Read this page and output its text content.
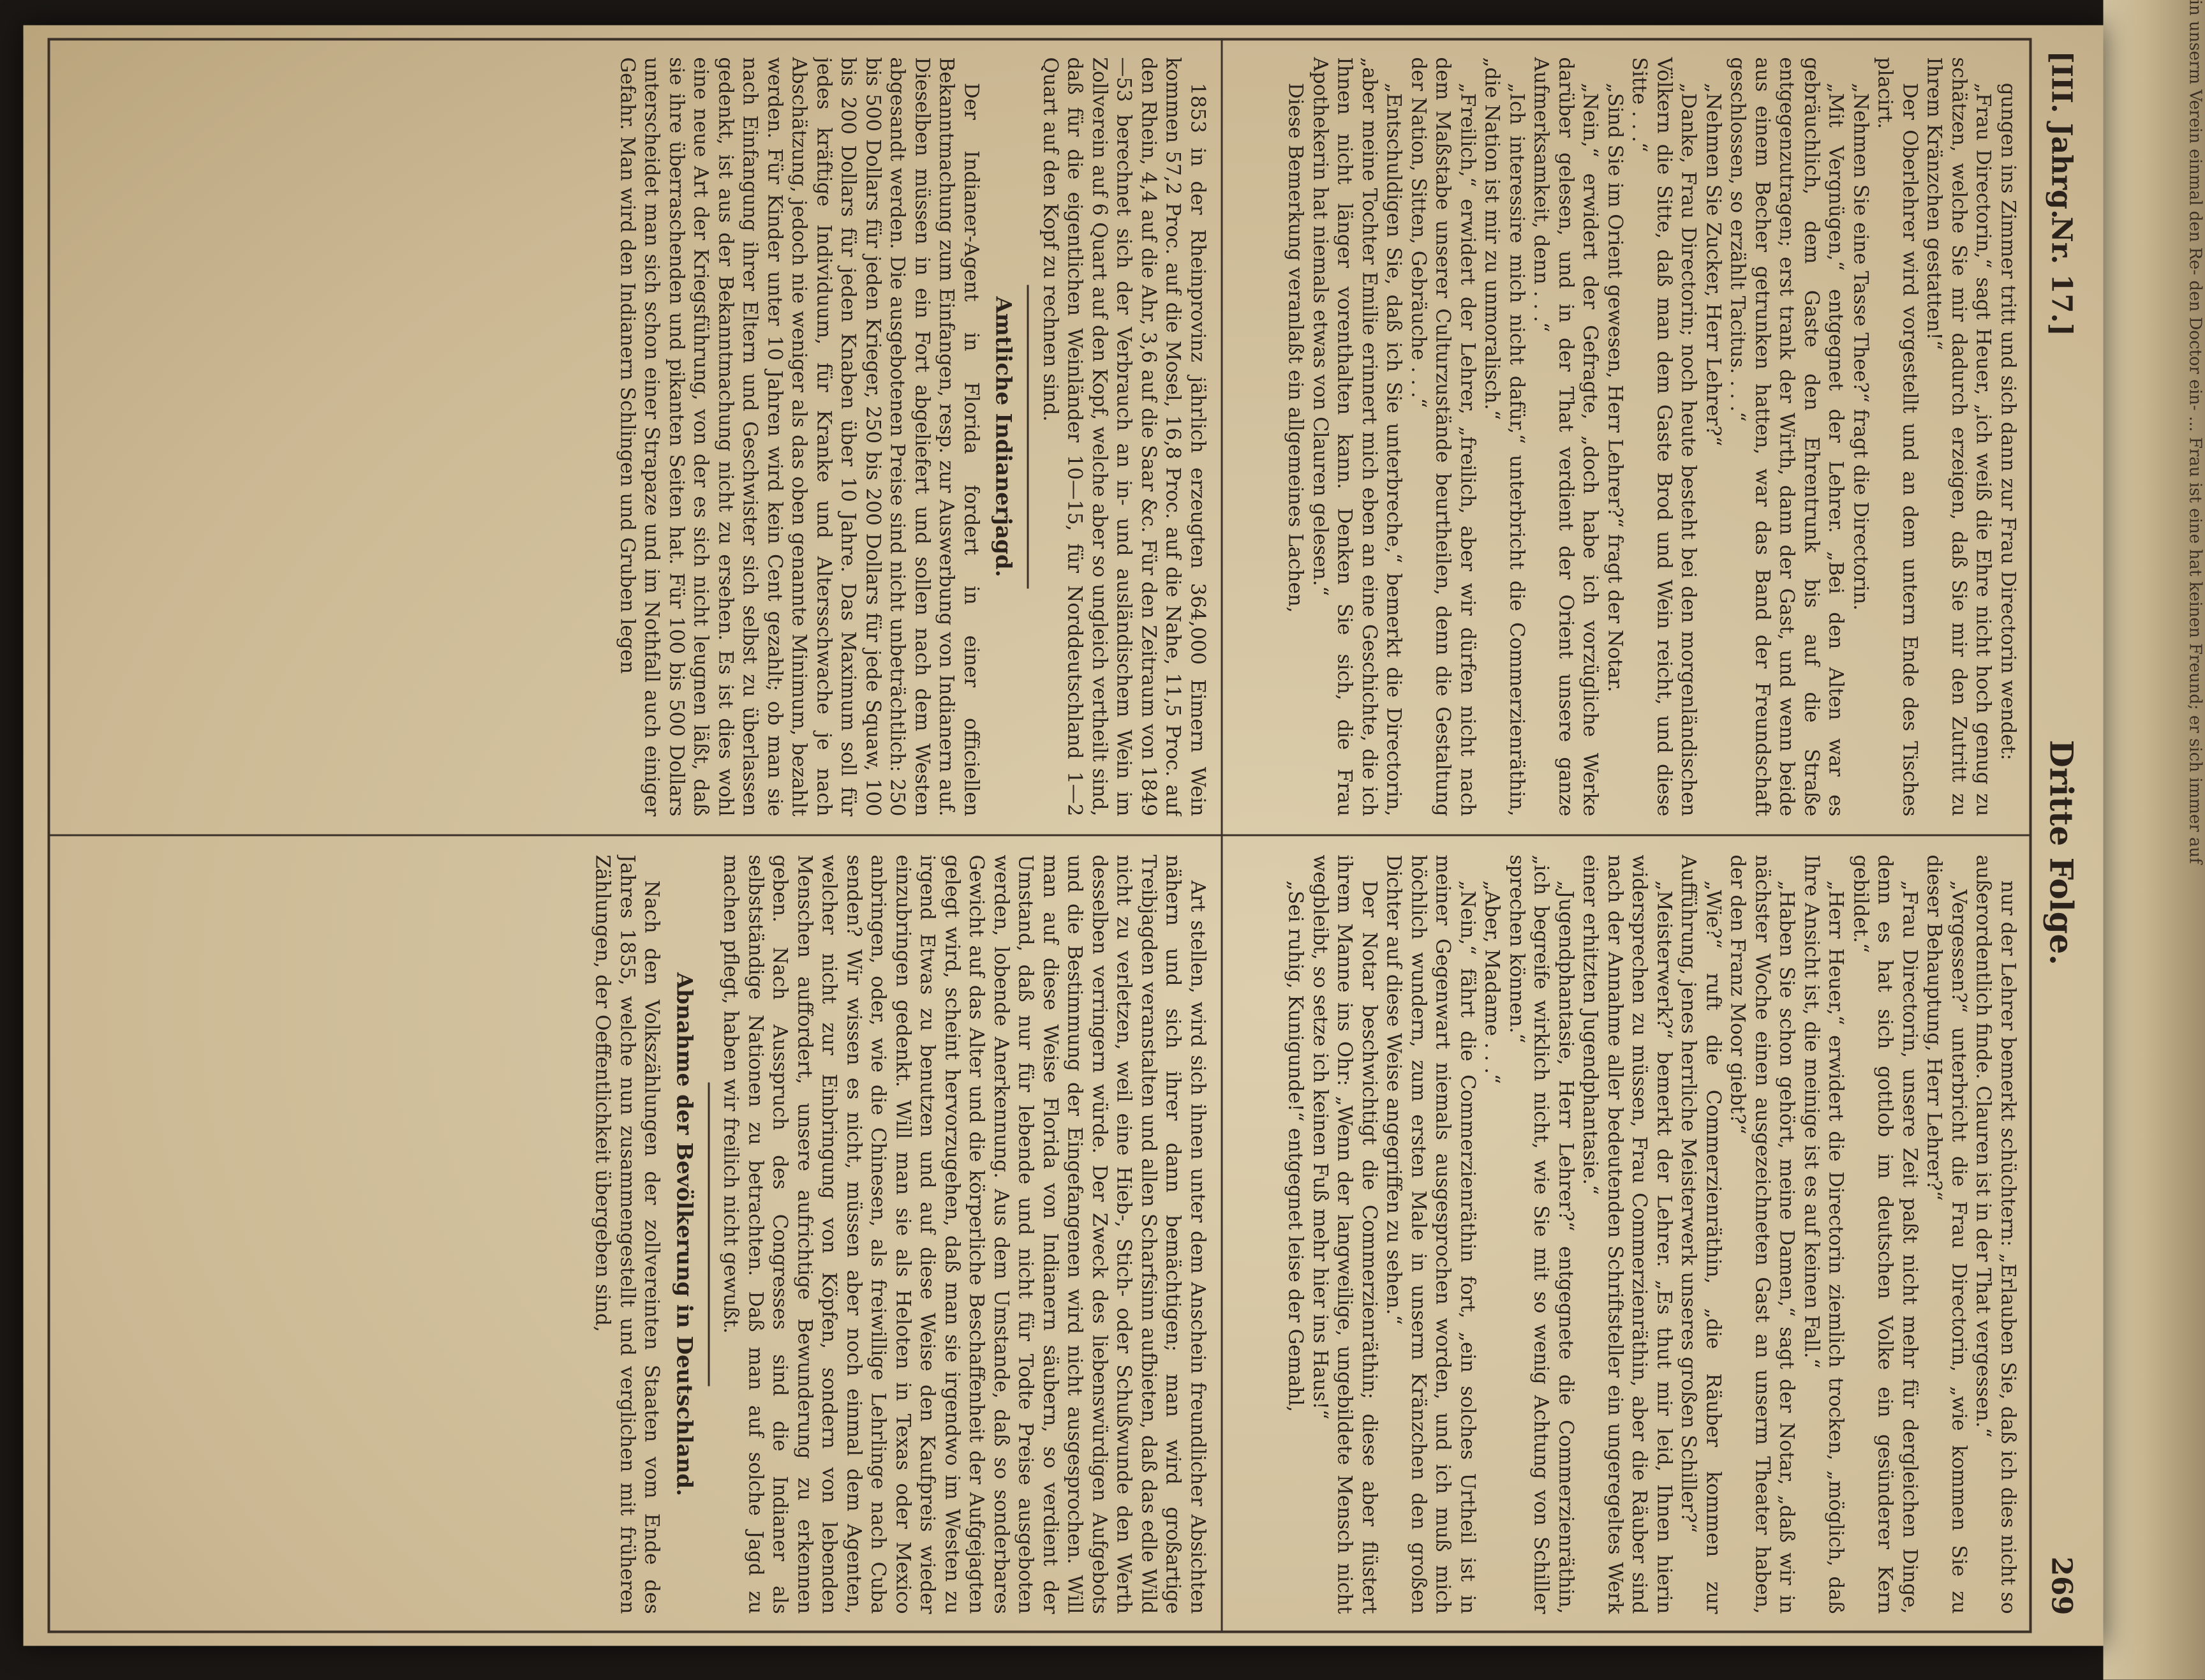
in unserm Verein einmal den Re- den Doctor ein- ... Frau ist eine hat keinen Freund; er sich immer auf
[III. Jahrg.
Nr. 17.]
Dritte Folge.
269

gungen ins Zimmer tritt und sich dann zur Frau Directorin wendet:

„Frau Directorin,“ sagt Heuer, „ich weiß die Ehre nicht hoch genug zu schätzen, welche Sie mir dadurch erzeigen, daß Sie mir den Zutritt zu Ihrem Kränzchen gestatten!“

Der Oberlehrer wird vorgestellt und an dem untern Ende des Tisches placirt.

„Nehmen Sie eine Tasse Thee?“ fragt die Directorin.

„Mit Vergnügen,“ entgegnet der Lehrer. „Bei den Alten war es gebräuchlich, dem Gaste den Ehrentrunk bis auf die Straße entgegenzutragen; erst trank der Wirth, dann der Gast, und wenn beide aus einem Becher getrunken hatten, war das Band der Freundschaft geschlossen, so erzählt Tacitus. . . .“

„Nehmen Sie Zucker, Herr Lehrer?“

„Danke, Frau Directorin; noch heute besteht bei den morgenländischen Völkern die Sitte, daß man dem Gaste Brod und Wein reicht, und diese Sitte . . .“

„Sind Sie im Orient gewesen, Herr Lehrer?“ fragt der Notar.

„Nein,“ erwidert der Gefragte, „doch habe ich vorzügliche Werke darüber gelesen, und in der That verdient der Orient unsere ganze Aufmerksamkeit, denn . . .“

„Ich interessire mich nicht dafür,“ unterbricht die Commerzienräthin, „die Nation ist mir zu unmoralisch.“

„Freilich,“ erwidert der Lehrer, „freilich, aber wir dürfen nicht nach dem Maßstabe unserer Culturzustände beurtheilen, denn die Gestaltung der Nation, Sitten, Gebräuche . . .“

„Entschuldigen Sie, daß ich Sie unterbreche,“ bemerkt die Directorin, „aber meine Tochter Emilie erinnert mich eben an eine Geschichte, die ich Ihnen nicht länger vorenthalten kann. Denken Sie sich, die Frau Apothekerin hat niemals etwas von Clauren gelesen.“

Diese Bemerkung veranlaßt ein allgemeines Lachen,

nur der Lehrer bemerkt schüchtern: „Erlauben Sie, daß ich dies nicht so außerordentlich finde. Clauren ist in der That vergessen.“

„Vergessen?“ unterbricht die Frau Directorin, „wie kommen Sie zu dieser Behauptung, Herr Lehrer?“

„Frau Directorin, unsere Zeit paßt nicht mehr für dergleichen Dinge, denn es hat sich gottlob im deutschen Volke ein gesünderer Kern gebildet.“

„Herr Heuer,“ erwidert die Directorin ziemlich trocken, „möglich, daß Ihre Ansicht ist, die meinige ist es auf keinen Fall.“

„Haben Sie schon gehört, meine Damen,“ sagt der Notar, „daß wir in nächster Woche einen ausgezeichneten Gast an unserm Theater haben, der den Franz Moor giebt?“

„Wie?“ ruft die Commerzienräthin, „die Räuber kommen zur Aufführung, jenes herrliche Meisterwerk unseres großen Schiller?“

„Meisterwerk?“ bemerkt der Lehrer. „Es thut mir leid, Ihnen hierin widersprechen zu müssen, Frau Commerzienräthin, aber die Räuber sind nach der Annahme aller bedeutenden Schriftsteller ein ungeregeltes Werk einer erhitzten Jugendphantasie.“

„Jugendphantasie, Herr Lehrer?“ entgegnete die Commerzienräthin, „ich begreife wirklich nicht, wie Sie mit so wenig Achtung von Schiller sprechen können.“

„Aber, Madame . . .“

„Nein,“ fährt die Commerzienräthin fort, „ein solches Urtheil ist in meiner Gegenwart niemals ausgesprochen worden, und ich muß mich höchlich wundern, zum ersten Male in unserm Kränzchen den großen Dichter auf diese Weise angegriffen zu sehen.“

Der Notar beschwichtigt die Commerzienräthin; diese aber flüstert ihrem Manne ins Ohr: „Wenn der langweilige, ungebildete Mensch nicht wegbleibt, so setze ich keinen Fuß mehr hier ins Haus!“

„Sei ruhig, Kunigunde!“ entgegnet leise der Gemahl,

1853 in der Rheinprovinz jährlich erzeugten 364,000 Eimern Wein kommen 57,2 Proc. auf die Mosel, 16,8 Proc. auf die Nahe, 11,5 Proc. auf den Rhein, 4,4 auf die Ahr, 3,6 auf die Saar &c. Für den Zeitraum von 1849—53 berechnet sich der Verbrauch an in- und ausländischem Wein im Zollverein auf 6 Quart auf den Kopf, welche aber so ungleich vertheilt sind, daß für die eigentlichen Weinländer 10—15, für Norddeutschland 1—2 Quart auf den Kopf zu rechnen sind.

Amtliche Indianerjagd.

Der Indianer-Agent in Florida fordert in einer officiellen Bekanntmachung zum Einfangen, resp. zur Auswerbung von Indianern auf. Dieselben müssen in ein Fort abgeliefert und sollen nach dem Westen abgesandt werden. Die ausgebotenen Preise sind nicht unbeträchtlich: 250 bis 500 Dollars für jeden Krieger, 250 bis 200 Dollars für jede Squaw, 100 bis 200 Dollars für jeden Knaben über 10 Jahre. Das Maximum soll für jedes kräftige Individuum, für Kranke und Altersschwache je nach Abschätzung, jedoch nie weniger als das oben genannte Minimum, bezahlt werden. Für Kinder unter 10 Jahren wird kein Cent gezahlt; ob man sie nach Einfangung ihrer Eltern und Geschwister sich selbst zu überlassen gedenkt, ist aus der Bekanntmachung nicht zu ersehen. Es ist dies wohl eine neue Art der Kriegsführung, von der es sich nicht leugnen läßt, daß sie ihre überraschenden und pikanten Seiten hat. Für 100 bis 500 Dollars unterscheidet man sich schon einer Strapaze und im Nothfall auch einiger Gefahr. Man wird den Indianern Schlingen und Gruben legen

Art stellen, wird sich ihnen unter dem Anschein freundlicher Absichten nähern und sich ihrer dann bemächtigen; man wird großartige Treibjagden veranstalten und allen Scharfsinn aufbieten, daß das edle Wild nicht zu verletzen, weil eine Hieb-, Stich- oder Schußwunde den Werth desselben verringern würde. Der Zweck des liebenswürdigen Aufgebots und die Bestimmung der Eingefangenen wird nicht ausgesprochen. Will man auf diese Weise Florida von Indianern säubern, so verdient der Umstand, daß nur für lebende und nicht für Todte Preise ausgeboten werden, lobende Anerkennung. Aus dem Umstande, daß so sonderbares Gewicht auf das Alter und die körperliche Beschaffenheit der Aufgejagten gelegt wird, scheint hervorzugehen, daß man sie irgendwo im Westen zu irgend Etwas zu benutzen und auf diese Weise den Kaufpreis wieder einzubringen gedenkt. Will man sie als Heloten in Texas oder Mexico anbringen, oder, wie die Chinesen, als freiwillige Lehrlinge nach Cuba senden? Wir wissen es nicht, müssen aber noch einmal dem Agenten, welcher nicht zur Einbringung von Köpfen, sondern von lebenden Menschen auffordert, unsere aufrichtige Bewunderung zu erkennen geben. Nach Ausspruch des Congresses sind die Indianer als selbstständige Nationen zu betrachten. Daß man auf solche Jagd zu machen pflegt, haben wir freilich nicht gewußt.

Abnahme der Bevölkerung in Deutschland.

Nach den Volkszählungen der zollvereinten Staaten vom Ende des Jahres 1855, welche nun zusammengestellt und verglichen mit früheren Zählungen, der Oeffentlichkeit übergeben sind,
